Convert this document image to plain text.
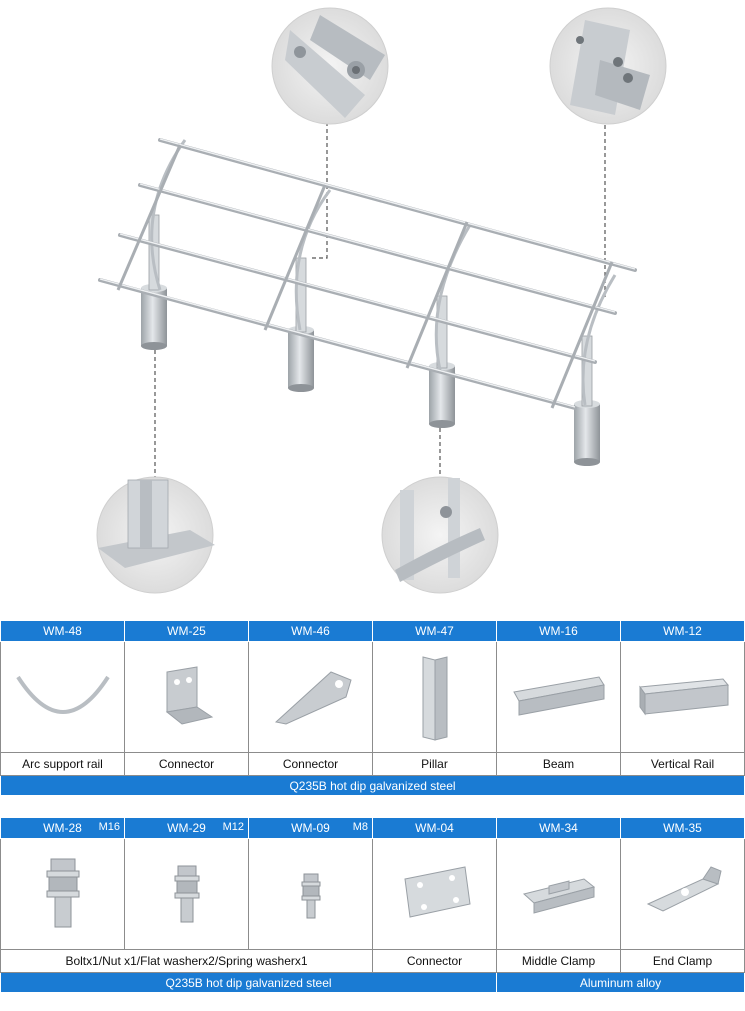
WM-48	WM-25	WM-46	WM-47	WM-16	WM-12

Arc support rail	Connector	Connector	Pillar	Beam	Vertical Rail
Q235B hot dip galvanized steel					
WM-28 M16	WM-29 M12	WM-09 M8	WM-04	WM-34	WM-35

Boltx1/Nut x1/Flat washerx2/Spring washerx1			Connector	Middle Clamp	End Clamp
Q235B hot dip galvanized steel				Aluminum alloy	
